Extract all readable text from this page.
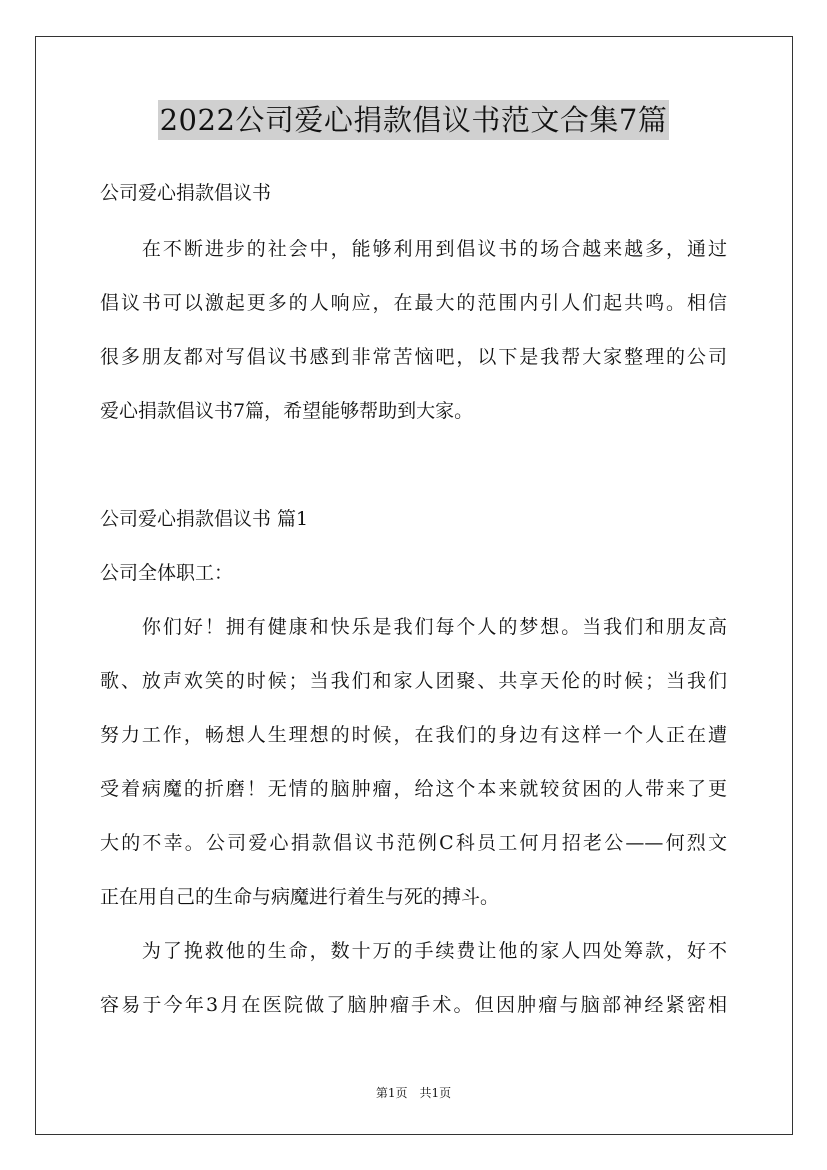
2022公司爱心捐款倡议书范文合集7篇
公司爱心捐款倡议书
　　在不断进步的社会中，能够利用到倡议书的场合越来越多，通过
倡议书可以激起更多的人响应，在最大的范围内引人们起共鸣。相信
很多朋友都对写倡议书感到非常苦恼吧，以下是我帮大家整理的公司
爱心捐款倡议书7篇，希望能够帮助到大家。
公司爱心捐款倡议书 篇1
公司全体职工：
　　你们好！拥有健康和快乐是我们每个人的梦想。当我们和朋友高
歌、放声欢笑的时候；当我们和家人团聚、共享天伦的时候；当我们
努力工作，畅想人生理想的时候，在我们的身边有这样一个人正在遭
受着病魔的折磨！无情的脑肿瘤，给这个本来就较贫困的人带来了更
大的不幸。公司爱心捐款倡议书范例C科员工何月招老公——何烈文
正在用自己的生命与病魔进行着生与死的搏斗。
　　为了挽救他的生命，数十万的手续费让他的家人四处筹款，好不
容易于今年3月在医院做了脑肿瘤手术。但因肿瘤与脑部神经紧密相
第1页　共1页
